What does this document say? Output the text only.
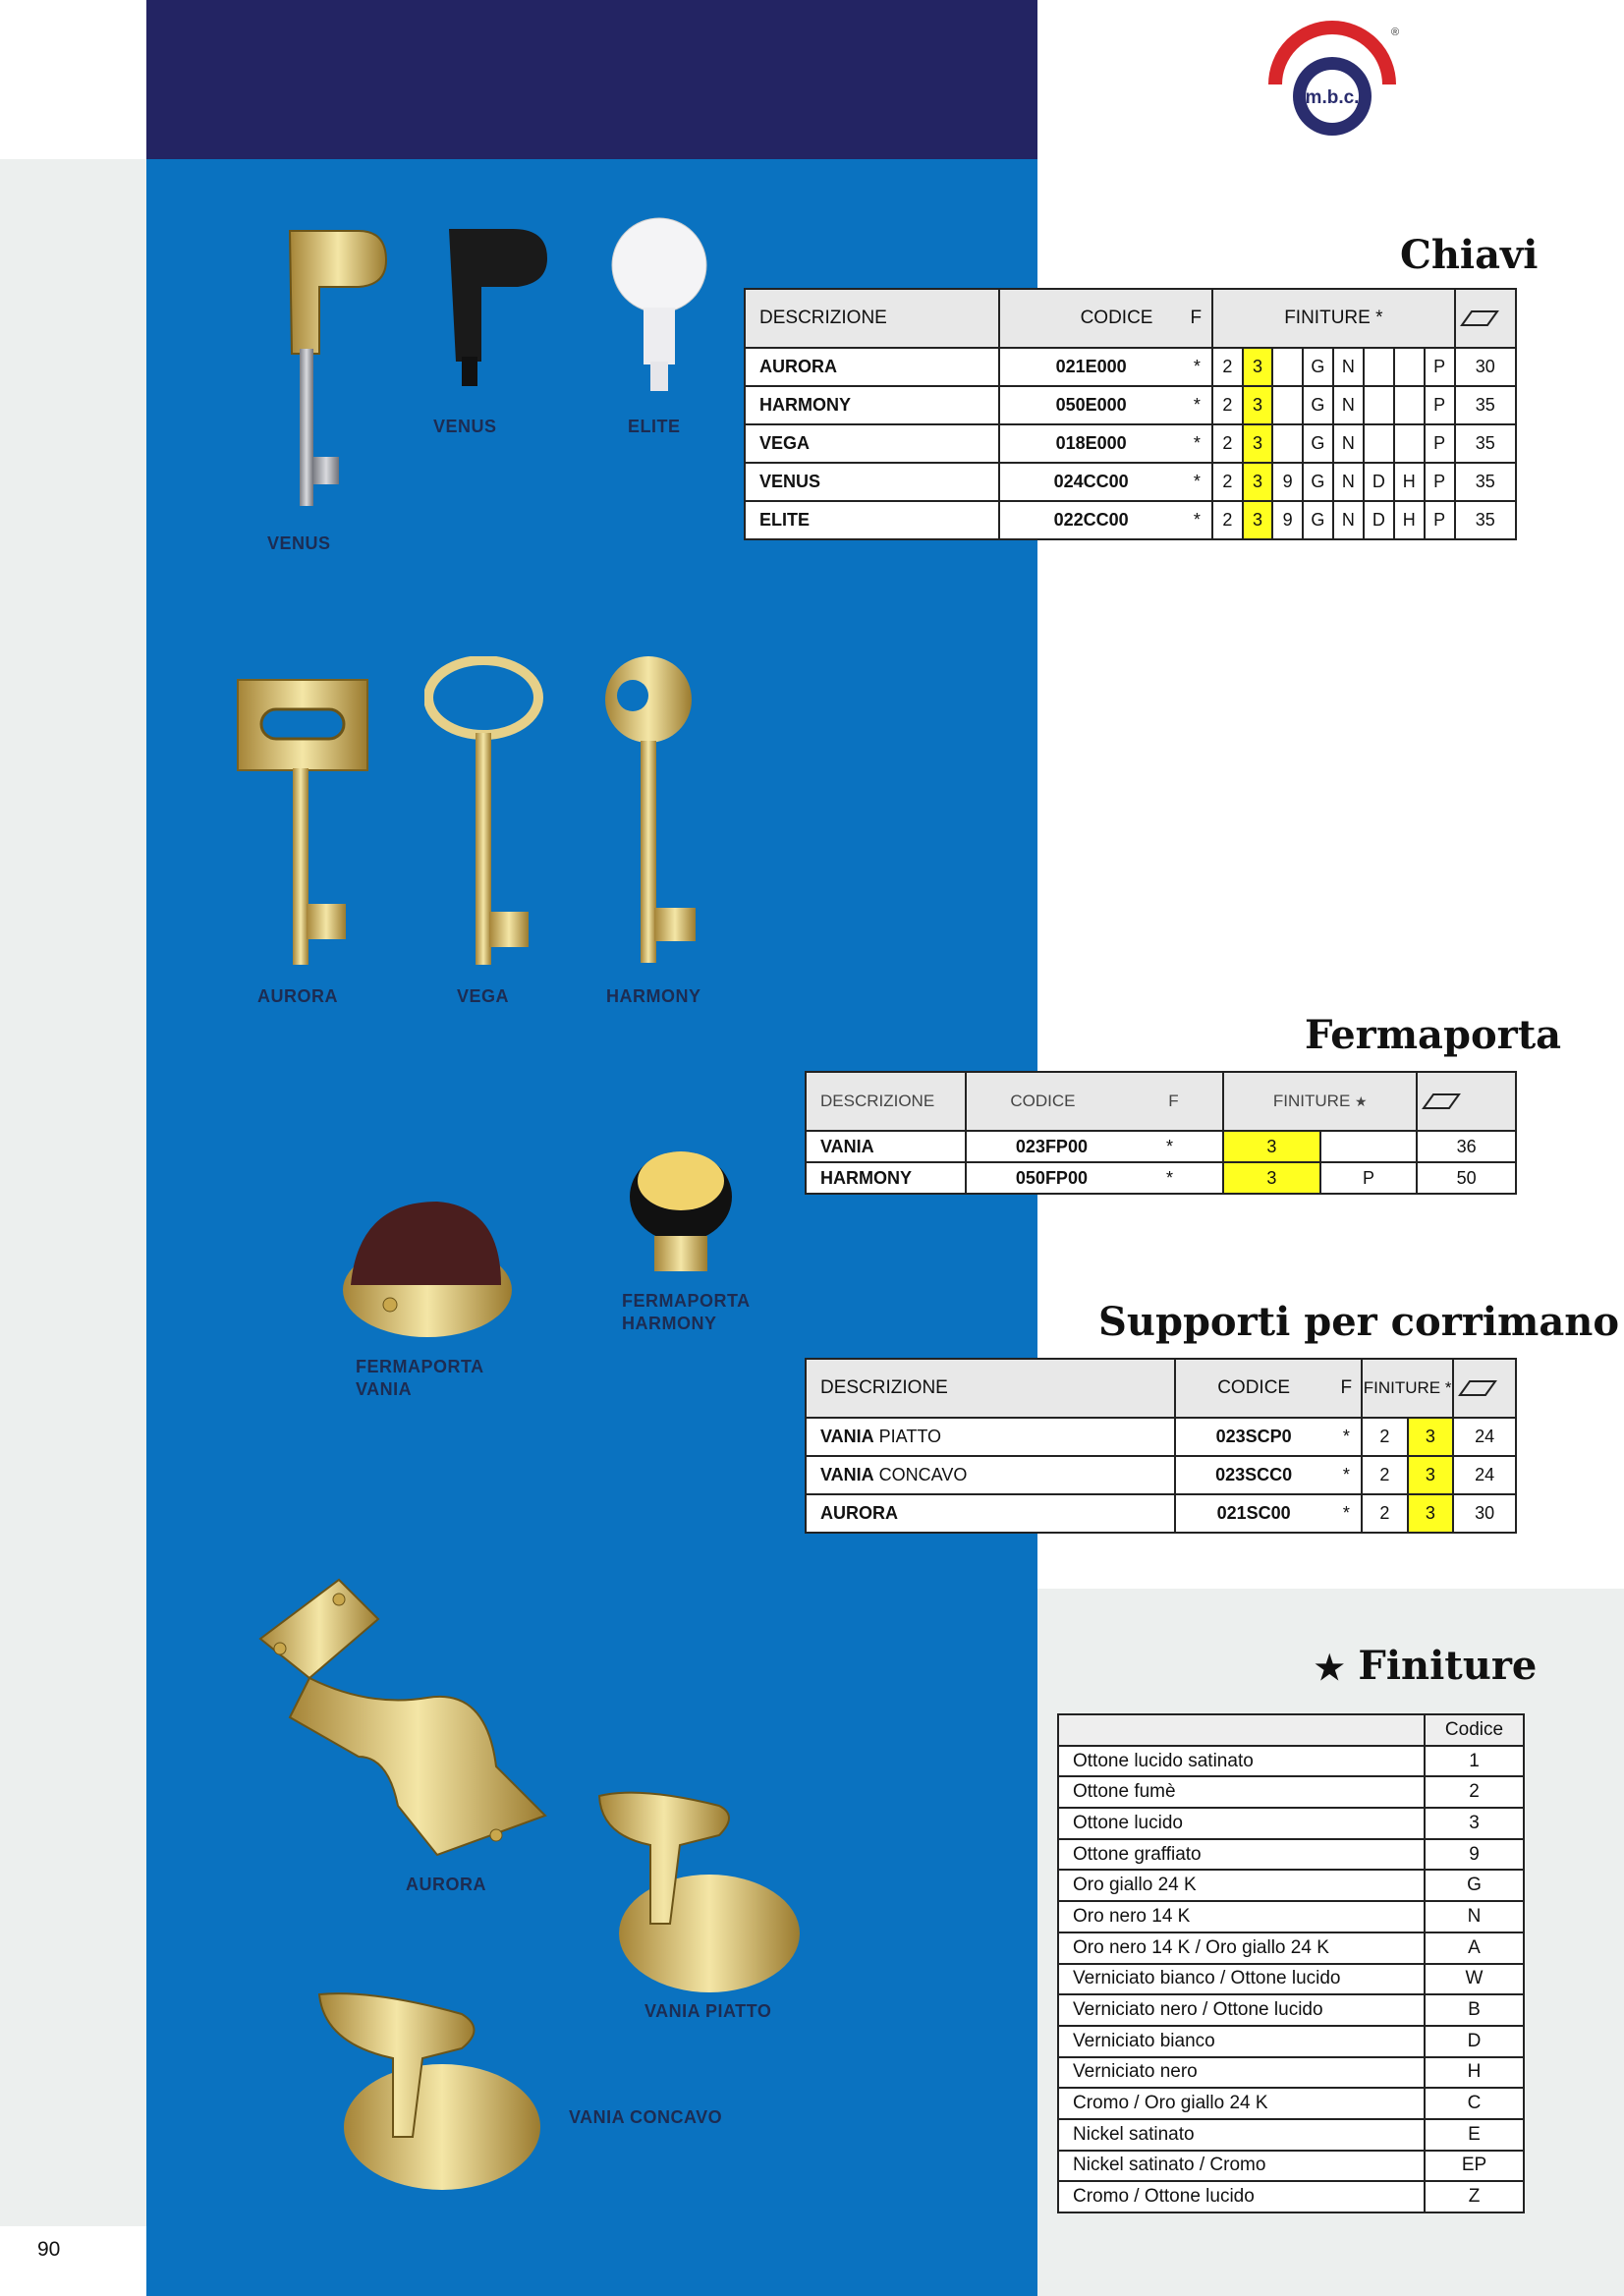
90
m.b.c.
®
VENUS	ELITE
VENUS
AURORA	VEGA	HARMONY
FERMAPORTA
HARMONY
FERMAPORTA
VANIA
AURORA
VANIA PIATTO
VANIA CONCAVO
Chiavi
DESCRIZIONE	CODICE F		FINITURE *	

AURORA	021E000	*	2	3		G	N			P	30
HARMONY	050E000	*	2	3		G	N			P	35
VEGA	018E000	*	2	3		G	N			P	35
VENUS	024CC00	*	2	3	9	G	N	D	H	P	35
ELITE	022CC00	*	2	3	9	G	N	D	H	P	35
Fermaporta
DESCRIZIONE	CODICE F	FINITURE ★	

VANIA	023FP00 *	3		36
HARMONY	050FP00 *	3	P	50
Supporti per corrimano
DESCRIZIONE	CODICE	F	FINITURE *	

VANIA PIATTO	023SCP0	*	2	3	24
VANIA CONCAVO	023SCC0	*	2	3	24
AURORA	021SC00	*	2	3	30
★ Finiture
	Codice
Ottone lucido satinato	1
Ottone fumè	2
Ottone lucido	3
Ottone graffiato	9
Oro giallo 24 K	G
Oro nero 14 K	N
Oro nero 14 K / Oro giallo 24 K	A
Verniciato bianco / Ottone lucido	W
Verniciato nero / Ottone lucido	B
Verniciato bianco	D
Verniciato nero	H
Cromo / Oro giallo 24 K	C
Nickel satinato	E
Nickel satinato / Cromo	EP
Cromo / Ottone lucido	Z
